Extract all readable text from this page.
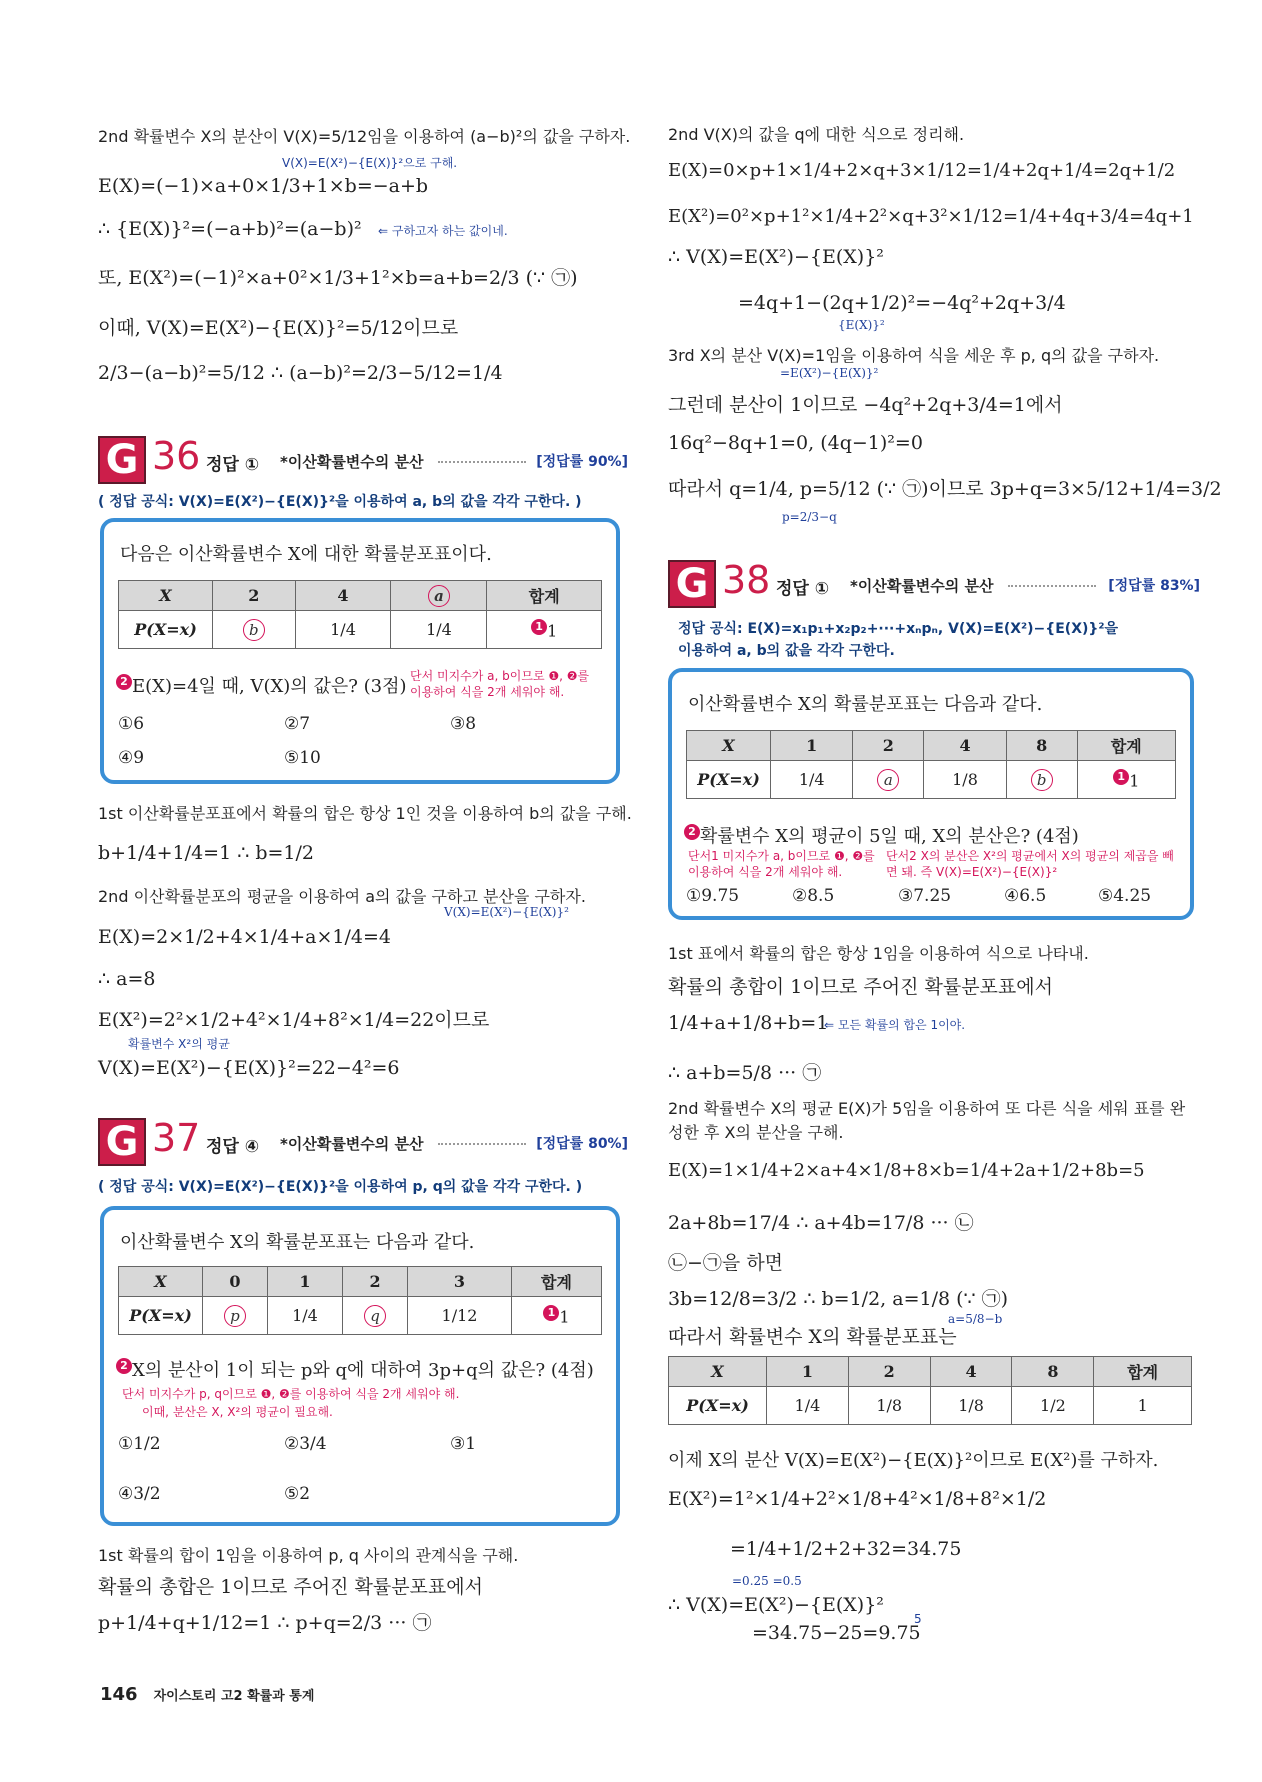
2nd 확률변수 X의 분산이 V(X)=5/12임을 이용하여 (a−b)²의 값을 구하자.
V(X)=E(X²)−{E(X)}²으로 구해.
E(X)=(−1)×a+0×1/3+1×b=−a+b
∴ {E(X)}²=(−a+b)²=(a−b)² ⇐ 구하고자 하는 값이네.
또, E(X²)=(−1)²×a+0²×1/3+1²×b=a+b=2/3 (∵ ㉠)
이때, V(X)=E(X²)−{E(X)}²=5/12이므로
2/3−(a−b)²=5/12 ∴ (a−b)²=2/3−5/12=1/4
G 36 정답 ① *이산확률변수의 분산	[정답률 90%]
( 정답 공식: V(X)=E(X²)−{E(X)}²을 이용하여 a, b의 값을 각각 구한다. )
다음은 이산확률변수 X에 대한 확률분포표이다.
X	2	4	a	합계
P(X=x)	b	1/4	1/4	1 1
2 E(X)=4일 때, V(X)의 값은? (3점) 단서 미지수가 a, b이므로 ❶, ❷를 이용하여 식을 2개 세워야 해.
①6	②7	③8
④9	⑤10
1st 이산확률분포표에서 확률의 합은 항상 1인 것을 이용하여 b의 값을 구해.
b+1/4+1/4=1 ∴ b=1/2
2nd 이산확률분포의 평균을 이용하여 a의 값을 구하고 분산을 구하자.
V(X)=E(X²)−{E(X)}²
E(X)=2×1/2+4×1/4+a×1/4=4
∴ a=8
E(X²)=2²×1/2+4²×1/4+8²×1/4=22이므로
확률변수 X²의 평균
V(X)=E(X²)−{E(X)}²=22−4²=6
G 37 정답 ④ *이산확률변수의 분산	[정답률 80%]
( 정답 공식: V(X)=E(X²)−{E(X)}²을 이용하여 p, q의 값을 각각 구한다. )
이산확률변수 X의 확률분포표는 다음과 같다.
X	0	1	2	3	합계
P(X=x)	p	1/4	q	1/12	1 1
2 X의 분산이 1이 되는 p와 q에 대하여 3p+q의 값은? (4점)
단서 미지수가 p, q이므로 ❶, ❷를 이용하여 식을 2개 세워야 해.
이때, 분산은 X, X²의 평균이 필요해.
①1/2	②3/4	③1
④3/2	⑤2
1st 확률의 합이 1임을 이용하여 p, q 사이의 관계식을 구해.
확률의 총합은 1이므로 주어진 확률분포표에서
p+1/4+q+1/12=1 ∴ p+q=2/3 ··· ㉠
146 자이스토리 고2 확률과 통계
2nd V(X)의 값을 q에 대한 식으로 정리해.
E(X)=0×p+1×1/4+2×q+3×1/12=1/4+2q+1/4=2q+1/2
E(X²)=0²×p+1²×1/4+2²×q+3²×1/12=1/4+4q+3/4=4q+1
∴ V(X)=E(X²)−{E(X)}²
=4q+1−(2q+1/2)²=−4q²+2q+3/4
{E(X)}²
3rd X의 분산 V(X)=1임을 이용하여 식을 세운 후 p, q의 값을 구하자.
=E(X²)−{E(X)}²
그런데 분산이 1이므로 −4q²+2q+3/4=1에서
16q²−8q+1=0, (4q−1)²=0
따라서 q=1/4, p=5/12 (∵ ㉠)이므로 3p+q=3×5/12+1/4=3/2
p=2/3−q
G 38 정답 ① *이산확률변수의 분산	[정답률 83%]
정답 공식: E(X)=x₁p₁+x₂p₂+···+xₙpₙ, V(X)=E(X²)−{E(X)}²을
이용하여 a, b의 값을 각각 구한다.
이산확률변수 X의 확률분포표는 다음과 같다.
X	1	2	4	8	합계
P(X=x)	1/4	a	1/8	b	1 1
2 확률변수 X의 평균이 5일 때, X의 분산은? (4점)
단서1 미지수가 a, b이므로 ❶, ❷를 이용하여 식을 2개 세워야 해.
단서2 X의 분산은 X²의 평균에서 X의 평균의 제곱을 빼면 돼. 즉 V(X)=E(X²)−{E(X)}²
①9.75	②8.5	③7.25	④6.5	⑤4.25
1st 표에서 확률의 합은 항상 1임을 이용하여 식으로 나타내.
확률의 총합이 1이므로 주어진 확률분포표에서
1/4+a+1/8+b=1
⇐ 모든 확률의 합은 1이야.
∴ a+b=5/8 ··· ㉠
2nd 확률변수 X의 평균 E(X)가 5임을 이용하여 또 다른 식을 세워 표를 완성한 후 X의 분산을 구해.
E(X)=1×1/4+2×a+4×1/8+8×b=1/4+2a+1/2+8b=5
2a+8b=17/4 ∴ a+4b=17/8 ··· ㉡
㉡−㉠을 하면
3b=12/8=3/2 ∴ b=1/2, a=1/8 (∵ ㉠)
a=5/8−b
따라서 확률변수 X의 확률분포표는
X	1	2	4	8	합계
P(X=x)	1/4	1/8	1/8	1/2	1
이제 X의 분산 V(X)=E(X²)−{E(X)}²이므로 E(X²)를 구하자.
E(X²)=1²×1/4+2²×1/8+4²×1/8+8²×1/2
=1/4+1/2+2+32=34.75
=0.25 =0.5
∴ V(X)=E(X²)−{E(X)}²
=34.75−25=9.75
5
